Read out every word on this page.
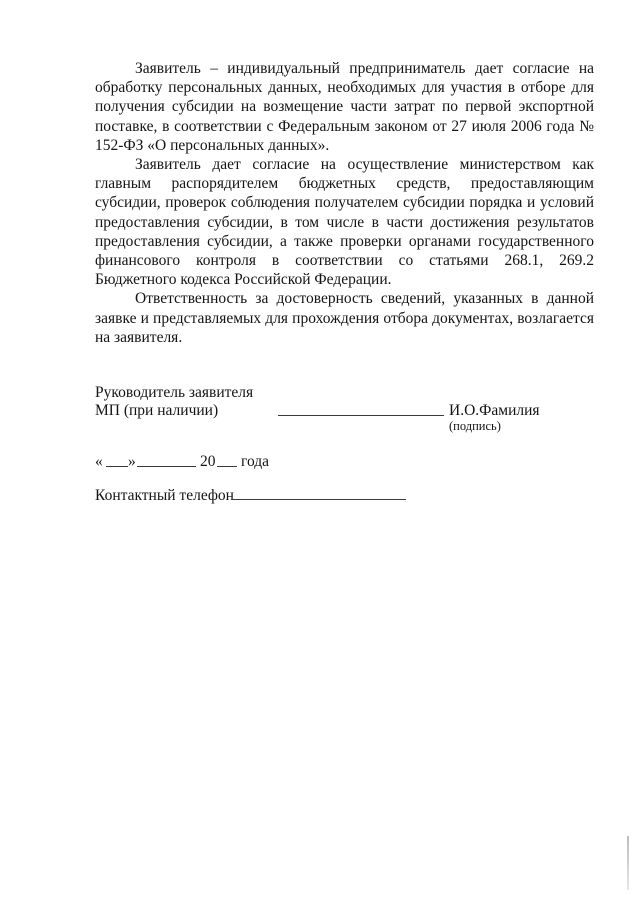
Заявитель – индивидуальный предприниматель дает согласие на обработку персональных данных, необходимых для участия в отборе для получения субсидии на возмещение части затрат по первой экспортной поставке, в соответствии с Федеральным законом от 27 июля 2006 года № 152-ФЗ «О персональных данных».

Заявитель дает согласие на осуществление министерством как главным распорядителем бюджетных средств, предоставляющим субсидии, проверок соблюдения получателем субсидии порядка и условий предоставления субсидии, в том числе в части достижения результатов предоставления субсидии, а также проверки органами государственного финансового контроля в соответствии со статьями 268.1, 269.2 Бюджетного кодекса Российской Федерации.

Ответственность за достоверность сведений, указанных в данной заявке и представляемых для прохождения отбора документах, возлагается на заявителя.

Руководитель заявителя
МП (при наличии)	И.О.Фамилия
(подпись)
« »	20 года
Контактный телефон
